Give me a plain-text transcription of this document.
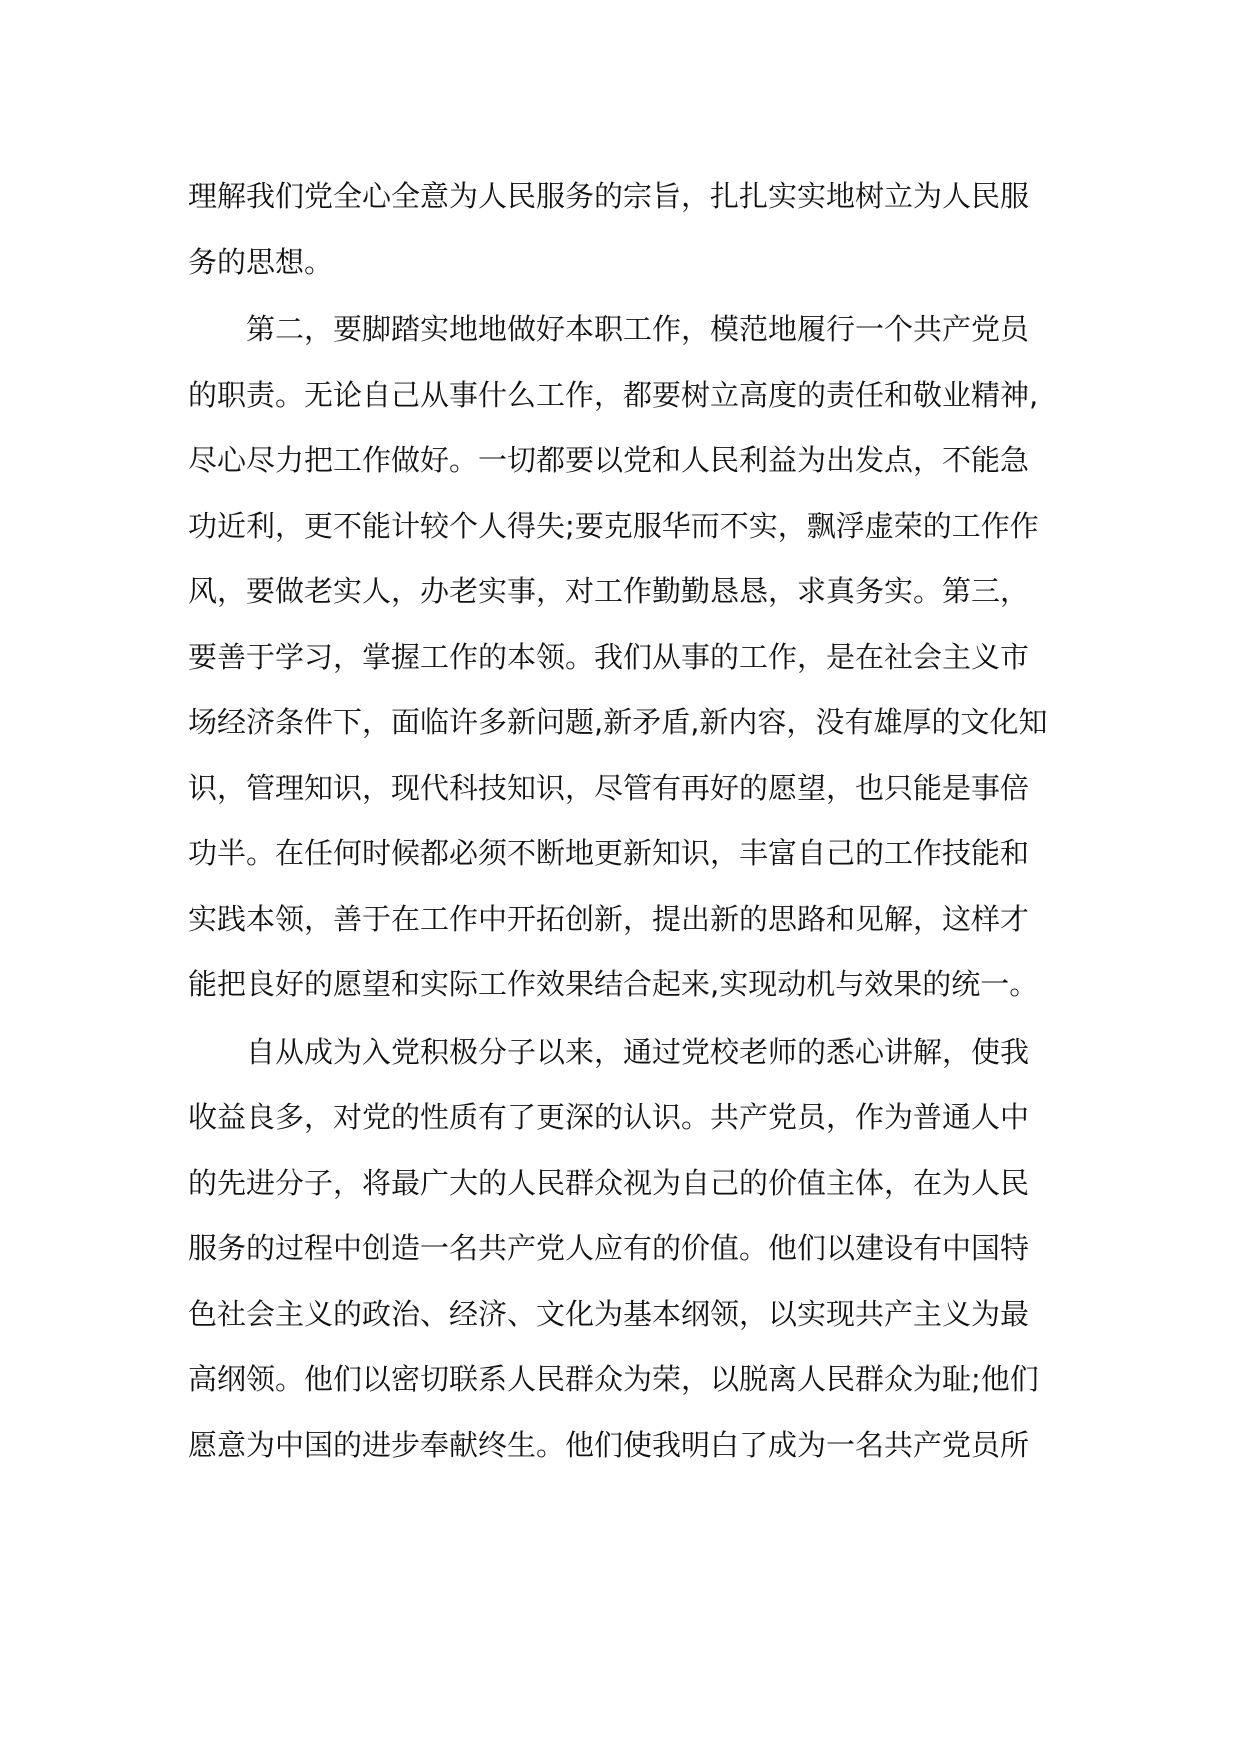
理解我们党全心全意为人民服务的宗旨，扎扎实实地树立为人民服
务的思想。
第二，要脚踏实地地做好本职工作，模范地履行一个共产党员
的职责。无论自己从事什么工作，都要树立高度的责任和敬业精神,
尽心尽力把工作做好。一切都要以党和人民利益为出发点，不能急
功近利，更不能计较个人得失;要克服华而不实，飘浮虚荣的工作作
风，要做老实人，办老实事，对工作勤勤恳恳，求真务实。第三，
要善于学习，掌握工作的本领。我们从事的工作，是在社会主义市
场经济条件下，面临许多新问题,新矛盾,新内容，没有雄厚的文化知
识，管理知识，现代科技知识，尽管有再好的愿望，也只能是事倍
功半。在任何时候都必须不断地更新知识，丰富自己的工作技能和
实践本领，善于在工作中开拓创新，提出新的思路和见解，这样才
能把良好的愿望和实际工作效果结合起来,实现动机与效果的统一。
自从成为入党积极分子以来，通过党校老师的悉心讲解，使我
收益良多，对党的性质有了更深的认识。共产党员，作为普通人中
的先进分子，将最广大的人民群众视为自己的价值主体，在为人民
服务的过程中创造一名共产党人应有的价值。他们以建设有中国特
色社会主义的政治、经济、文化为基本纲领，以实现共产主义为最
高纲领。他们以密切联系人民群众为荣，以脱离人民群众为耻;他们
愿意为中国的进步奉献终生。他们使我明白了成为一名共产党员所
